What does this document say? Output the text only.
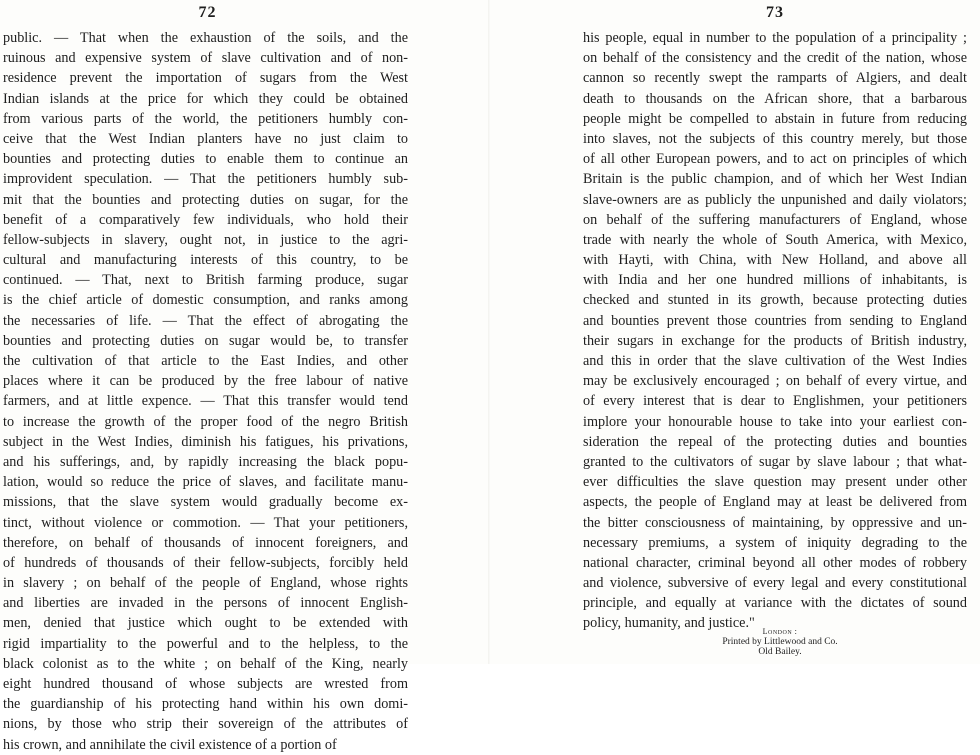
72
public. — That when the exhaustion of the soils, and the
ruinous and expensive system of slave cultivation and of non-
residence prevent the importation of sugars from the West
Indian islands at the price for which they could be obtained
from various parts of the world, the petitioners humbly con-
ceive that the West Indian planters have no just claim to
bounties and protecting duties to enable them to continue an
improvident speculation. — That the petitioners humbly sub-
mit that the bounties and protecting duties on sugar, for the
benefit of a comparatively few individuals, who hold their
fellow-subjects in slavery, ought not, in justice to the agri-
cultural and manufacturing interests of this country, to be
continued. — That, next to British farming produce, sugar
is the chief article of domestic consumption, and ranks among
the necessaries of life. — That the effect of abrogating the
bounties and protecting duties on sugar would be, to transfer
the cultivation of that article to the East Indies, and other
places where it can be produced by the free labour of native
farmers, and at little expence. — That this transfer would tend
to increase the growth of the proper food of the negro British
subject in the West Indies, diminish his fatigues, his privations,
and his sufferings, and, by rapidly increasing the black popu-
lation, would so reduce the price of slaves, and facilitate manu-
missions, that the slave system would gradually become ex-
tinct, without violence or commotion. — That your petitioners,
therefore, on behalf of thousands of innocent foreigners, and
of hundreds of thousands of their fellow-subjects, forcibly held
in slavery ; on behalf of the people of England, whose rights
and liberties are invaded in the persons of innocent English-
men, denied that justice which ought to be extended with
rigid impartiality to the powerful and to the helpless, to the
black colonist as to the white ; on behalf of the King, nearly
eight hundred thousand of whose subjects are wrested from
the guardianship of his protecting hand within his own domi-
nions, by those who strip their sovereign of the attributes of
his crown, and annihilate the civil existence of a portion of
73
his people, equal in number to the population of a principality ;
on behalf of the consistency and the credit of the nation, whose
cannon so recently swept the ramparts of Algiers, and dealt
death to thousands on the African shore, that a barbarous
people might be compelled to abstain in future from reducing
into slaves, not the subjects of this country merely, but those
of all other European powers, and to act on principles of which
Britain is the public champion, and of which her West Indian
slave-owners are as publicly the unpunished and daily violators;
on behalf of the suffering manufacturers of England, whose
trade with nearly the whole of South America, with Mexico,
with Hayti, with China, with New Holland, and above all
with India and her one hundred millions of inhabitants, is
checked and stunted in its growth, because protecting duties
and bounties prevent those countries from sending to England
their sugars in exchange for the products of British industry,
and this in order that the slave cultivation of the West Indies
may be exclusively encouraged ; on behalf of every virtue, and
of every interest that is dear to Englishmen, your petitioners
implore your honourable house to take into your earliest con-
sideration the repeal of the protecting duties and bounties
granted to the cultivators of sugar by slave labour ; that what-
ever difficulties the slave question may present under other
aspects, the people of England may at least be delivered from
the bitter consciousness of maintaining, by oppressive and un-
necessary premiums, a system of iniquity degrading to the
national character, criminal beyond all other modes of robbery
and violence, subversive of every legal and every constitutional
principle, and equally at variance with the dictates of sound
policy, humanity, and justice."
London :
Printed by Littlewood and Co.
Old Bailey.
